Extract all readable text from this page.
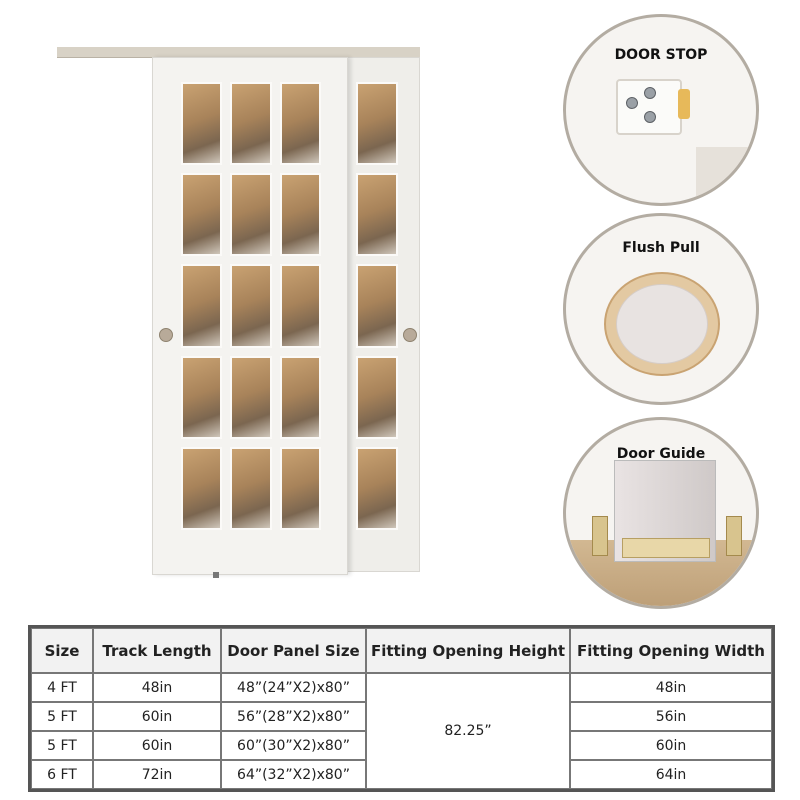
DOOR STOP
Flush Pull
Door Guide
Size	Track Length	Door Panel Size	Fitting Opening Height	Fitting Opening Width
4 FT	48in	48”(24”X2)x80”	82.25”	48in
5 FT	60in	56”(28”X2)x80”		56in
5 FT	60in	60”(30”X2)x80”		60in
6 FT	72in	64”(32”X2)x80”		64in
